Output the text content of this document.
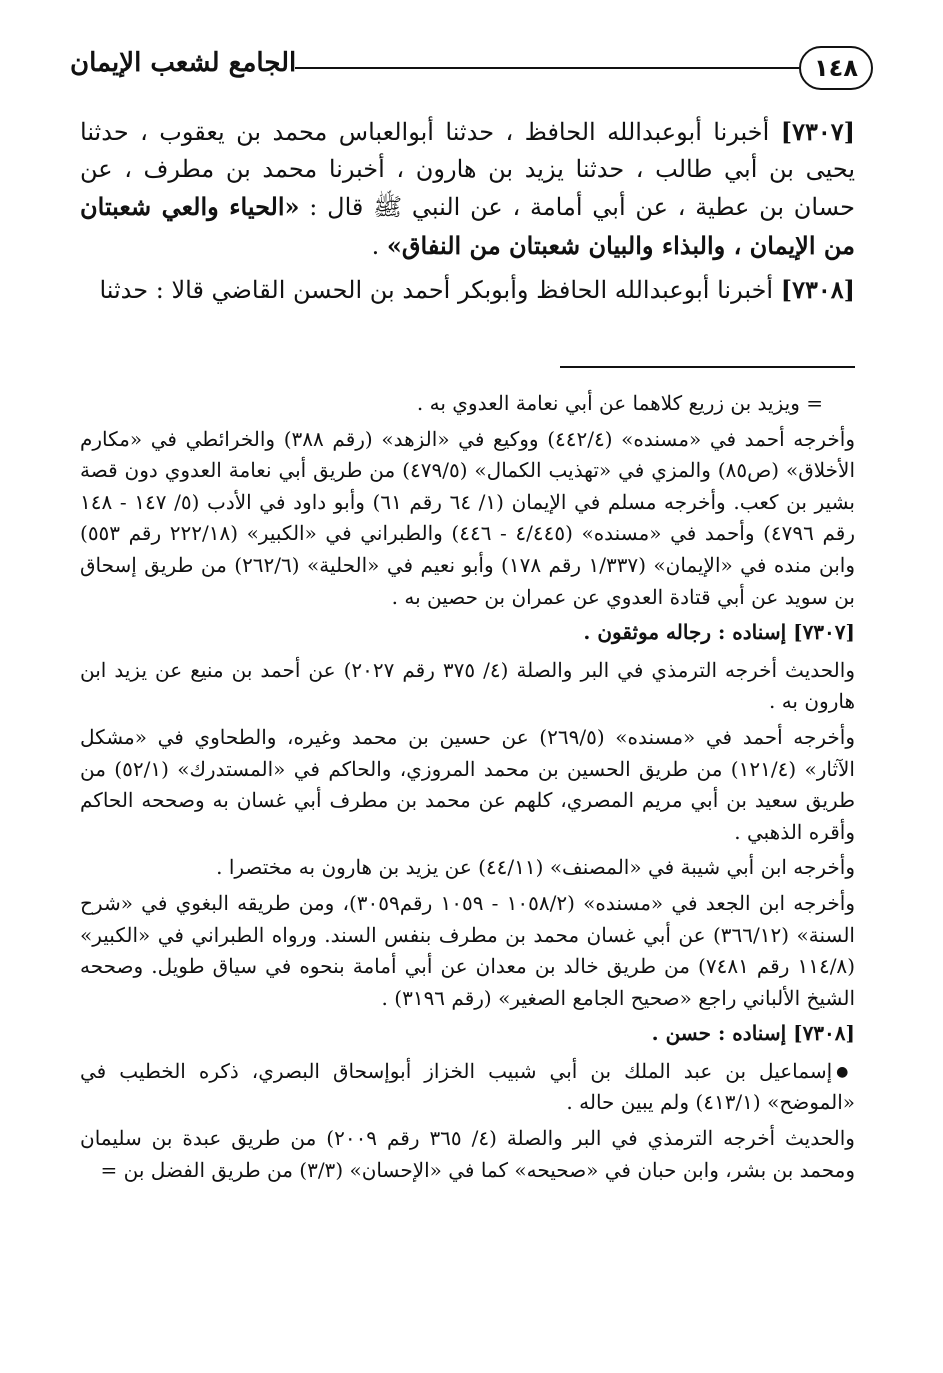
١٤٨
الجامع لشعب الإيمان

[٧٣٠٧] أخبرنا أبوعبدالله الحافظ ، حدثنا أبوالعباس محمد بن يعقوب ، حدثنا يحيى بن أبي طالب ، حدثنا يزيد بن هارون ، أخبرنا محمد بن مطرف ، عن حسان بن عطية ، عن أبي أمامة ، عن النبي ﷺ قال : «الحياء والعي شعبتان من الإيمان ، والبذاء والبيان شعبتان من النفاق» .

[٧٣٠٨] أخبرنا أبوعبدالله الحافظ وأبوبكر أحمد بن الحسن القاضي قالا : حدثنا

= ويزيد بن زريع كلاهما عن أبي نعامة العدوي به .

وأخرجه أحمد في «مسنده» (٤٤٢/٤) ووكيع في «الزهد» (رقم ٣٨٨) والخرائطي في «مكارم الأخلاق» (ص٨٥) والمزي في «تهذيب الكمال» (٤٧٩/٥) من طريق أبي نعامة العدوي دون قصة بشير بن كعب. وأخرجه مسلم في الإيمان (١/ ٦٤ رقم ٦١) وأبو داود في الأدب (٥/ ١٤٧ - ١٤٨ رقم ٤٧٩٦) وأحمد في «مسنده» (٤/٤٤٥ - ٤٤٦) والطبراني في «الكبير» (٢٢٢/١٨ رقم ٥٥٣) وابن منده في «الإيمان» (١/٣٣٧ رقم ١٧٨) وأبو نعيم في «الحلية» (٢٦٢/٦) من طريق إسحاق بن سويد عن أبي قتادة العدوي عن عمران بن حصين به .

[٧٣٠٧] إسناده : رجاله موثقون .

والحديث أخرجه الترمذي في البر والصلة (٤/ ٣٧٥ رقم ٢٠٢٧) عن أحمد بن منيع عن يزيد ابن هارون به .

وأخرجه أحمد في «مسنده» (٢٦٩/٥) عن حسين بن محمد وغيره، والطحاوي في «مشكل الآثار» (١٢١/٤) من طريق الحسين بن محمد المروزي، والحاكم في «المستدرك» (٥٢/١) من طريق سعيد بن أبي مريم المصري، كلهم عن محمد بن مطرف أبي غسان به وصححه الحاكم وأقره الذهبي .

وأخرجه ابن أبي شيبة في «المصنف» (٤٤/١١) عن يزيد بن هارون به مختصرا .

وأخرجه ابن الجعد في «مسنده» (١٠٥٨/٢ - ١٠٥٩ رقم٣٠٥٩)، ومن طريقه البغوي في «شرح السنة» (٣٦٦/١٢) عن أبي غسان محمد بن مطرف بنفس السند. ورواه الطبراني في «الكبير» (١١٤/٨ رقم ٧٤٨١) من طريق خالد بن معدان عن أبي أمامة بنحوه في سياق طويل. وصححه الشيخ الألباني راجع «صحيح الجامع الصغير» (رقم ٣١٩٦) .

[٧٣٠٨] إسناده : حسن .

●إسماعيل بن عبد الملك بن أبي شبيب الخزاز أبوإسحاق البصري، ذكره الخطيب في «الموضح» (٤١٣/١) ولم يبين حاله .

والحديث أخرجه الترمذي في البر والصلة (٤/ ٣٦٥ رقم ٢٠٠٩) من طريق عبدة بن سليمان ومحمد بن بشر، وابن حبان في «صحيحه» كما في «الإحسان» (٣/٣) من طريق الفضل بن =
